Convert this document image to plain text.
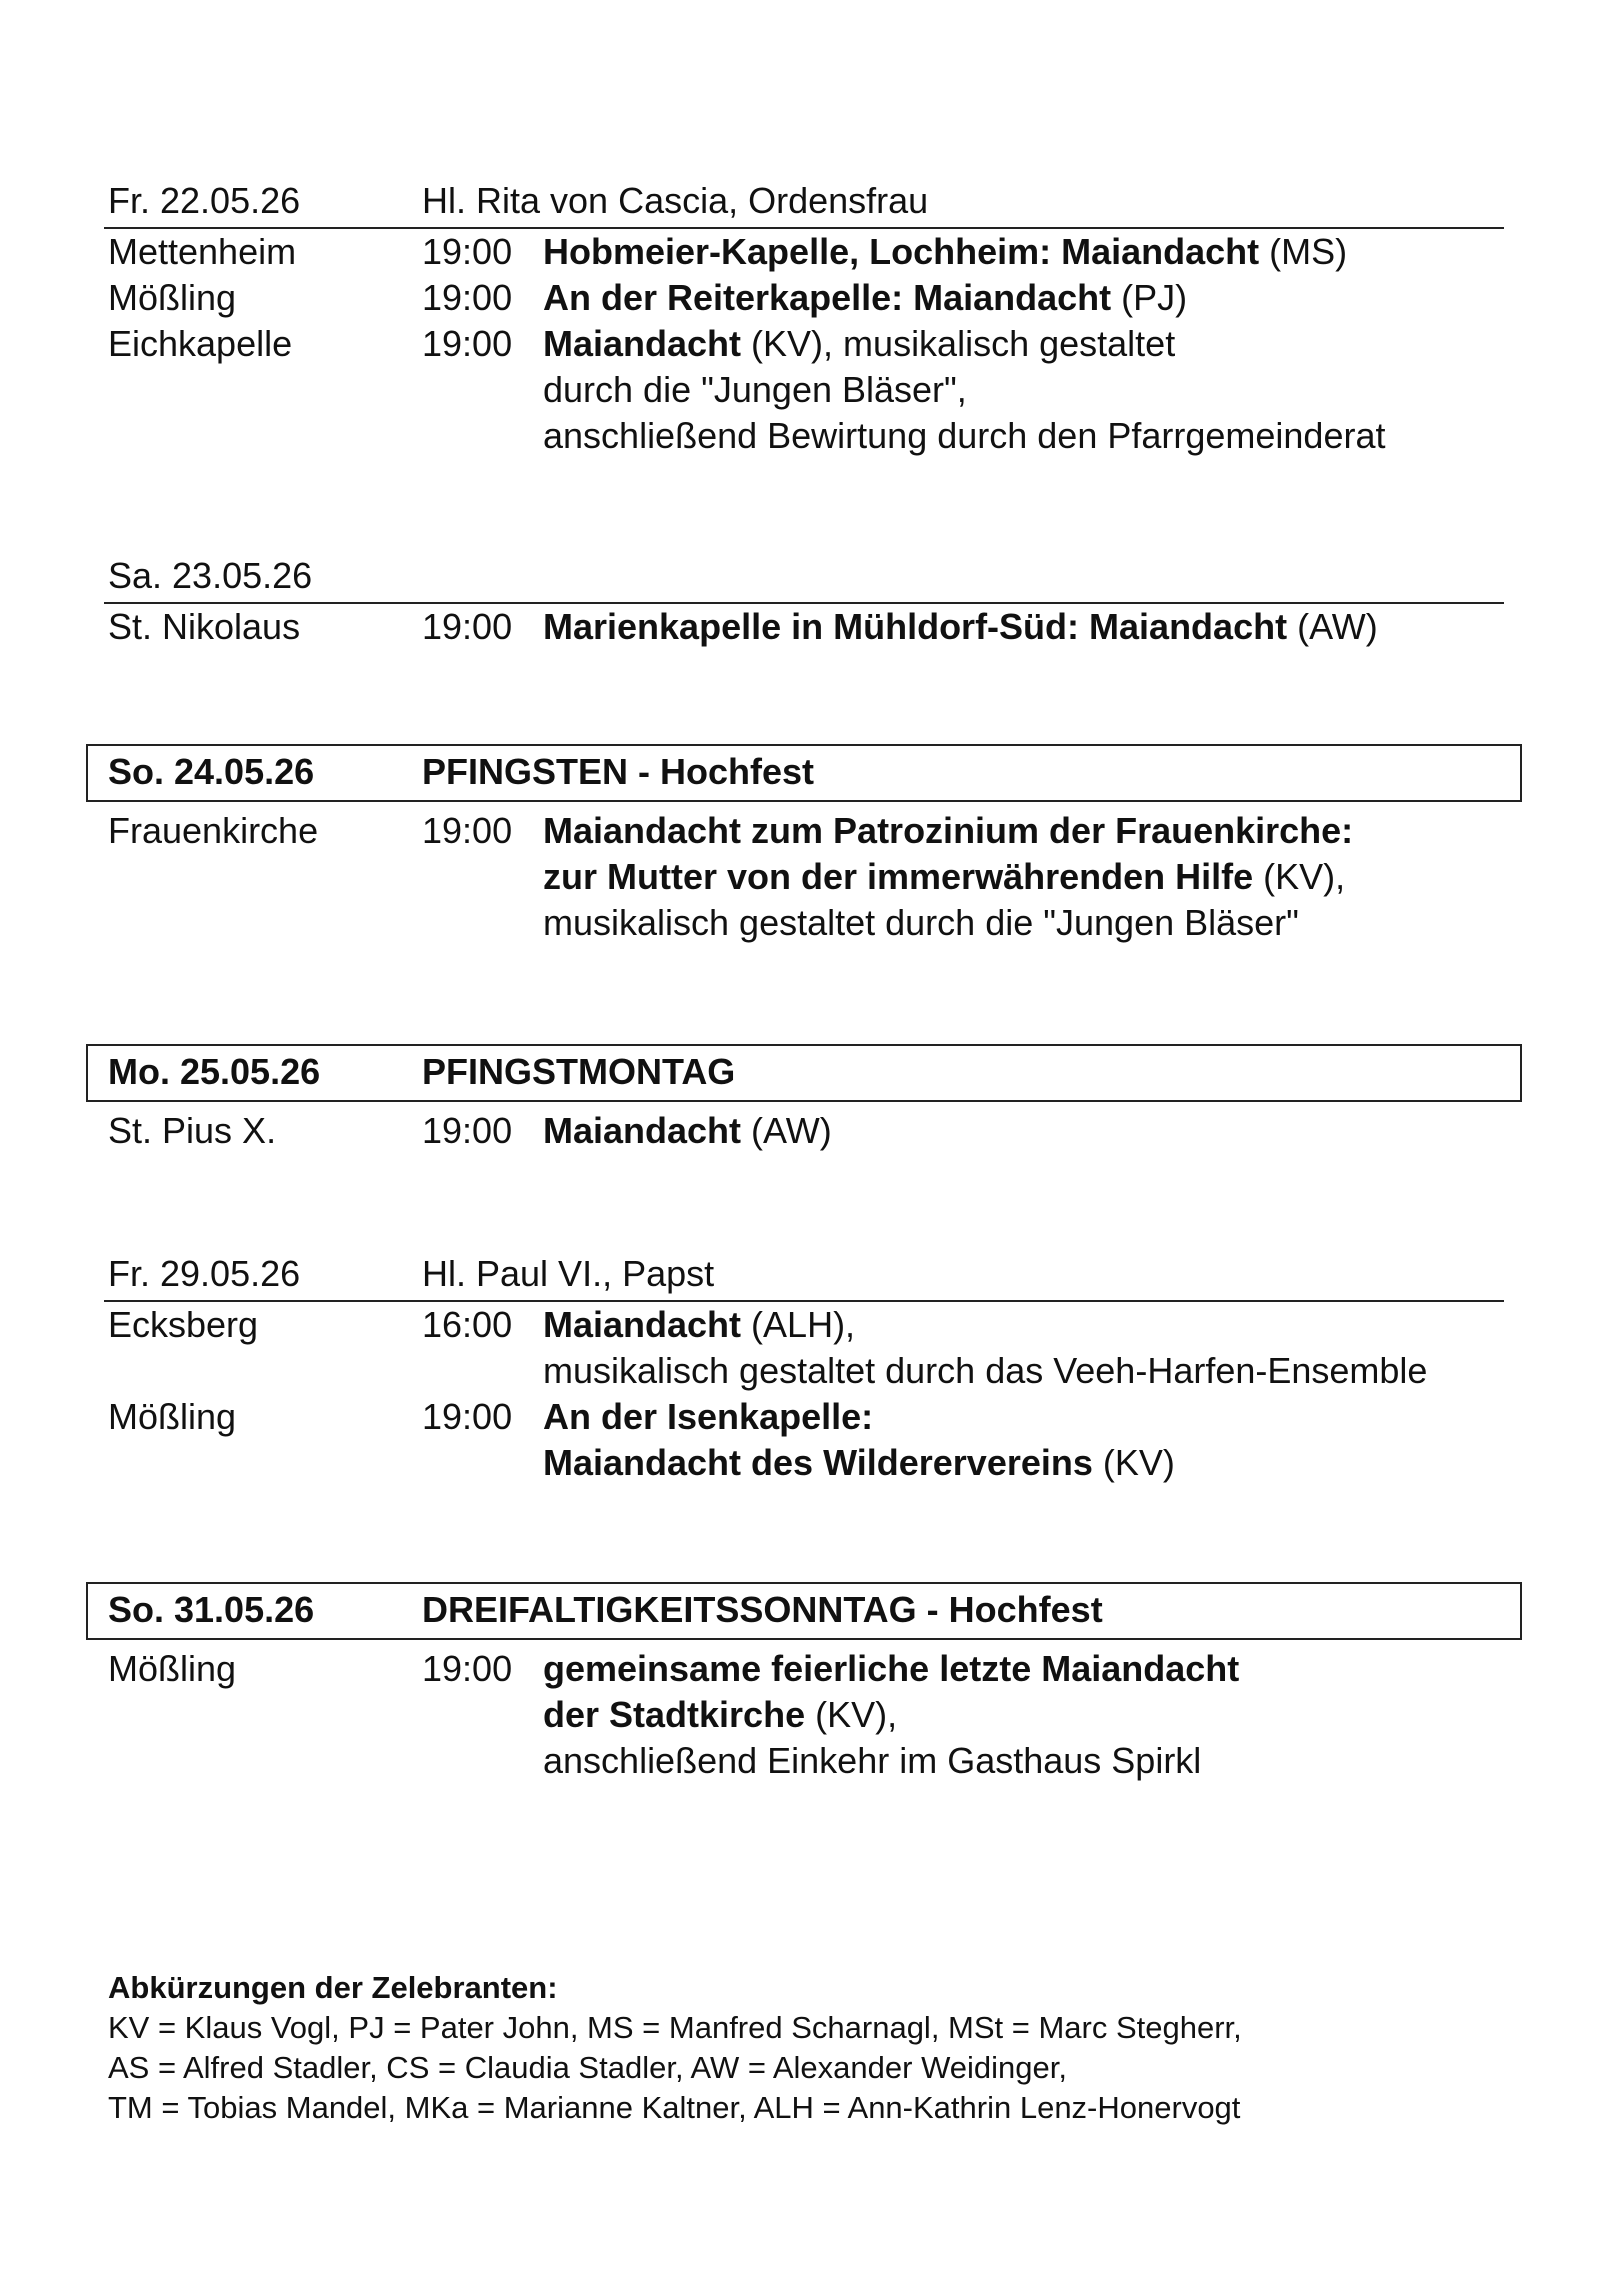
Fr. 22.05.26	Hl. Rita von Cascia, Ordensfrau
Mettenheim	19:00 Hobmeier-Kapelle, Lochheim: Maiandacht (MS)
Mößling	19:00 An der Reiterkapelle: Maiandacht (PJ)
Eichkapelle	19:00 Maiandacht (KV), musikalisch gestaltet
durch die "Jungen Bläser",
anschließend Bewirtung durch den Pfarrgemeinderat
Sa. 23.05.26
St. Nikolaus	19:00 Marienkapelle in Mühldorf-Süd: Maiandacht (AW)
So. 24.05.26	PFINGSTEN - Hochfest
Frauenkirche	19:00 Maiandacht zum Patrozinium der Frauenkirche:
zur Mutter von der immerwährenden Hilfe (KV),
musikalisch gestaltet durch die "Jungen Bläser"
Mo. 25.05.26	PFINGSTMONTAG
St. Pius X.	19:00 Maiandacht (AW)
Fr. 29.05.26	Hl. Paul VI., Papst
Ecksberg	16:00 Maiandacht (ALH),
musikalisch gestaltet durch das Veeh-Harfen-Ensemble
Mößling	19:00 An der Isenkapelle:
Maiandacht des Wilderervereins (KV)
So. 31.05.26	DREIFALTIGKEITSSONNTAG - Hochfest
Mößling	19:00 gemeinsame feierliche letzte Maiandacht
der Stadtkirche (KV),
anschließend Einkehr im Gasthaus Spirkl
Abkürzungen der Zelebranten:
KV = Klaus Vogl, PJ = Pater John, MS = Manfred Scharnagl, MSt = Marc Stegherr,
AS = Alfred Stadler, CS = Claudia Stadler, AW = Alexander Weidinger,
TM = Tobias Mandel, MKa = Marianne Kaltner, ALH = Ann-Kathrin Lenz-Honervogt
